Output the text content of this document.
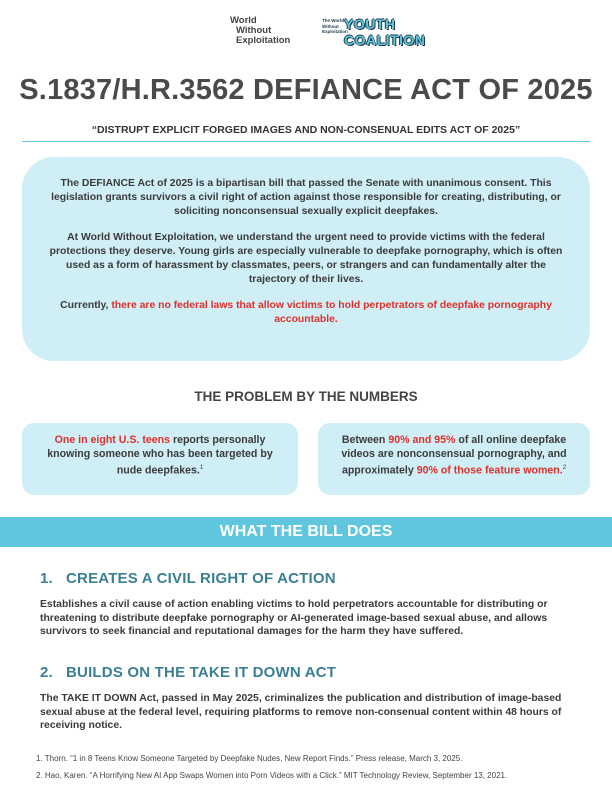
World
Without
Exploitation
The World
Without
Exploitation
YOUTH
COALITION
S.1837/H.R.3562 DEFIANCE ACT OF 2025
“DISTRUPT EXPLICIT FORGED IMAGES AND NON-CONSENUAL EDITS ACT OF 2025”

The DEFIANCE Act of 2025 is a bipartisan bill that passed the Senate with unanimous consent. This legislation grants survivors a civil right of action against those responsible for creating, distributing, or soliciting nonconsensual sexually explicit deepfakes.

At World Without Exploitation, we understand the urgent need to provide victims with the federal protections they deserve. Young girls are especially vulnerable to deepfake pornography, which is often used as a form of harassment by classmates, peers, or strangers and can fundamentally alter the trajectory of their lives.

Currently, there are no federal laws that allow victims to hold perpetrators of deepfake pornography accountable.

THE PROBLEM BY THE NUMBERS
One in eight U.S. teens reports personally knowing someone who has been targeted by nude deepfakes.$^1$
Between 90% and 95% of all online deepfake videos are nonconsensual pornography, and approximately 90% of those feature women.$^2$
WHAT THE BILL DOES
1. CREATES A CIVIL RIGHT OF ACTION
Establishes a civil cause of action enabling victims to hold perpetrators accountable for distributing or threatening to distribute deepfake pornography or AI-generated image-based sexual abuse, and allows survivors to seek financial and reputational damages for the harm they have suffered.
2. BUILDS ON THE TAKE IT DOWN ACT
The TAKE IT DOWN Act, passed in May 2025, criminalizes the publication and distribution of image-based sexual abuse at the federal level, requiring platforms to remove non-consenual content within 48 hours of receiving notice.
1. Thorn. “1 in 8 Teens Know Someone Targeted by Deepfake Nudes, New Report Finds.” Press release, March 3, 2025.
2. Hao, Karen. “A Horrifying New AI App Swaps Women into Porn Videos with a Click.” MIT Technology Review, September 13, 2021.
